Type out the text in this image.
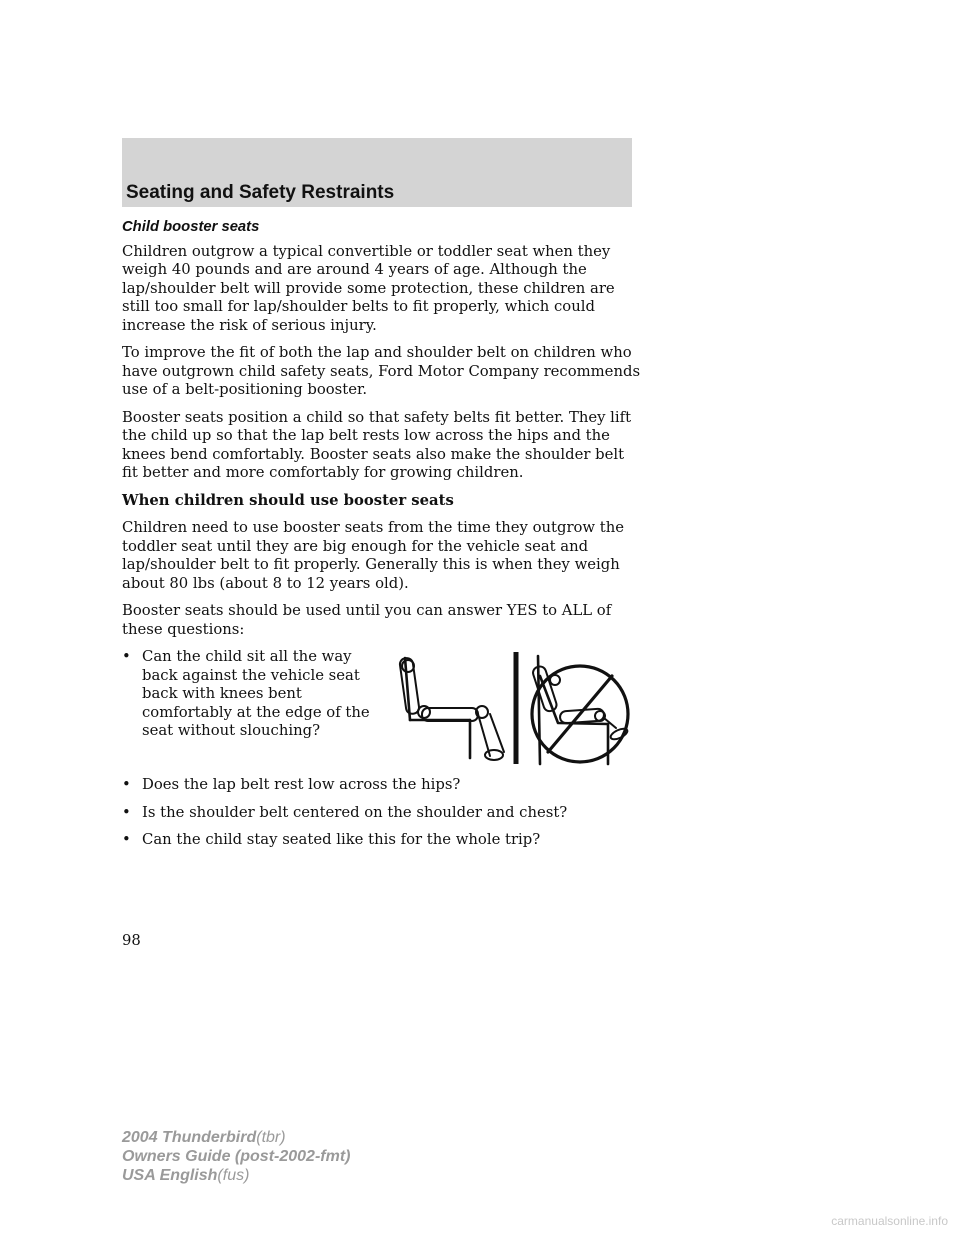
Seating and Safety Restraints
Child booster seats

Children outgrow a typical convertible or toddler seat when they weigh 40 pounds and are around 4 years of age. Although the lap/shoulder belt will provide some protection, these children are still too small for lap/shoulder belts to fit properly, which could increase the risk of serious injury.

To improve the fit of both the lap and shoulder belt on children who have outgrown child safety seats, Ford Motor Company recommends use of a belt-positioning booster.

Booster seats position a child so that safety belts fit better. They lift the child up so that the lap belt rests low across the hips and the knees bend comfortably. Booster seats also make the shoulder belt fit better and more comfortably for growing children.

When children should use booster seats

Children need to use booster seats from the time they outgrow the toddler seat until they are big enough for the vehicle seat and lap/shoulder belt to fit properly. Generally this is when they weigh about 80 lbs (about 8 to 12 years old).

Booster seats should be used until you can answer YES to ALL of these questions:

• Can the child sit all the way back against the vehicle seat back with knees bent comfortably at the edge of the seat without slouching?
• Does the lap belt rest low across the hips?
• Is the shoulder belt centered on the shoulder and chest?
• Can the child stay seated like this for the whole trip?

98

2004 Thunderbird(tbr)
Owners Guide (post-2002-fmt)
USA English(fus)
carmanualsonline.info
